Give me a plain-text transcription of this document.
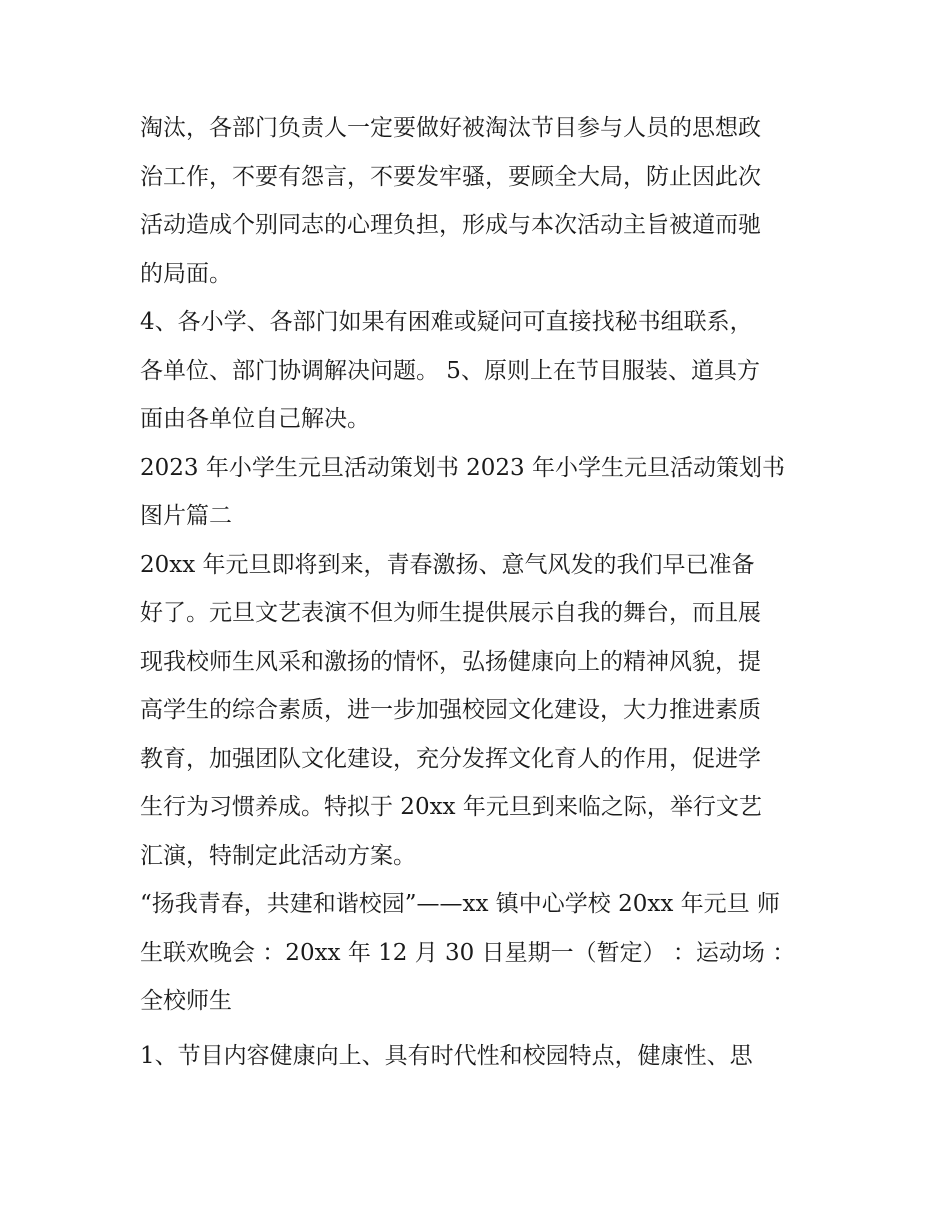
淘汰，各部门负责人一定要做好被淘汰节目参与人员的思想政
治工作，不要有怨言，不要发牢骚，要顾全大局，防止因此次
活动造成个别同志的心理负担，形成与本次活动主旨被道而驰
的局面。
4、各小学、各部门如果有困难或疑问可直接找秘书组联系，
各单位、部门协调解决问题。 5、原则上在节目服装、道具方
面由各单位自己解决。
2023 年小学生元旦活动策划书 2023 年小学生元旦活动策划书
图片篇二
20xx 年元旦即将到来，青春激扬、意气风发的我们早已准备
好了。元旦文艺表演不但为师生提供展示自我的舞台，而且展
现我校师生风采和激扬的情怀，弘扬健康向上的精神风貌，提
高学生的综合素质，进一步加强校园文化建设，大力推进素质
教育，加强团队文化建设，充分发挥文化育人的作用，促进学
生行为习惯养成。特拟于 20xx 年元旦到来临之际，举行文艺
汇演，特制定此活动方案。
“扬我青春，共建和谐校园”——xx 镇中心学校 20xx 年元旦 师
生联欢晚会 ：20xx 年 12 月 30 日星期一（暂定） ：运动场 ：
全校师生
1、节目内容健康向上、具有时代性和校园特点，健康性、思
